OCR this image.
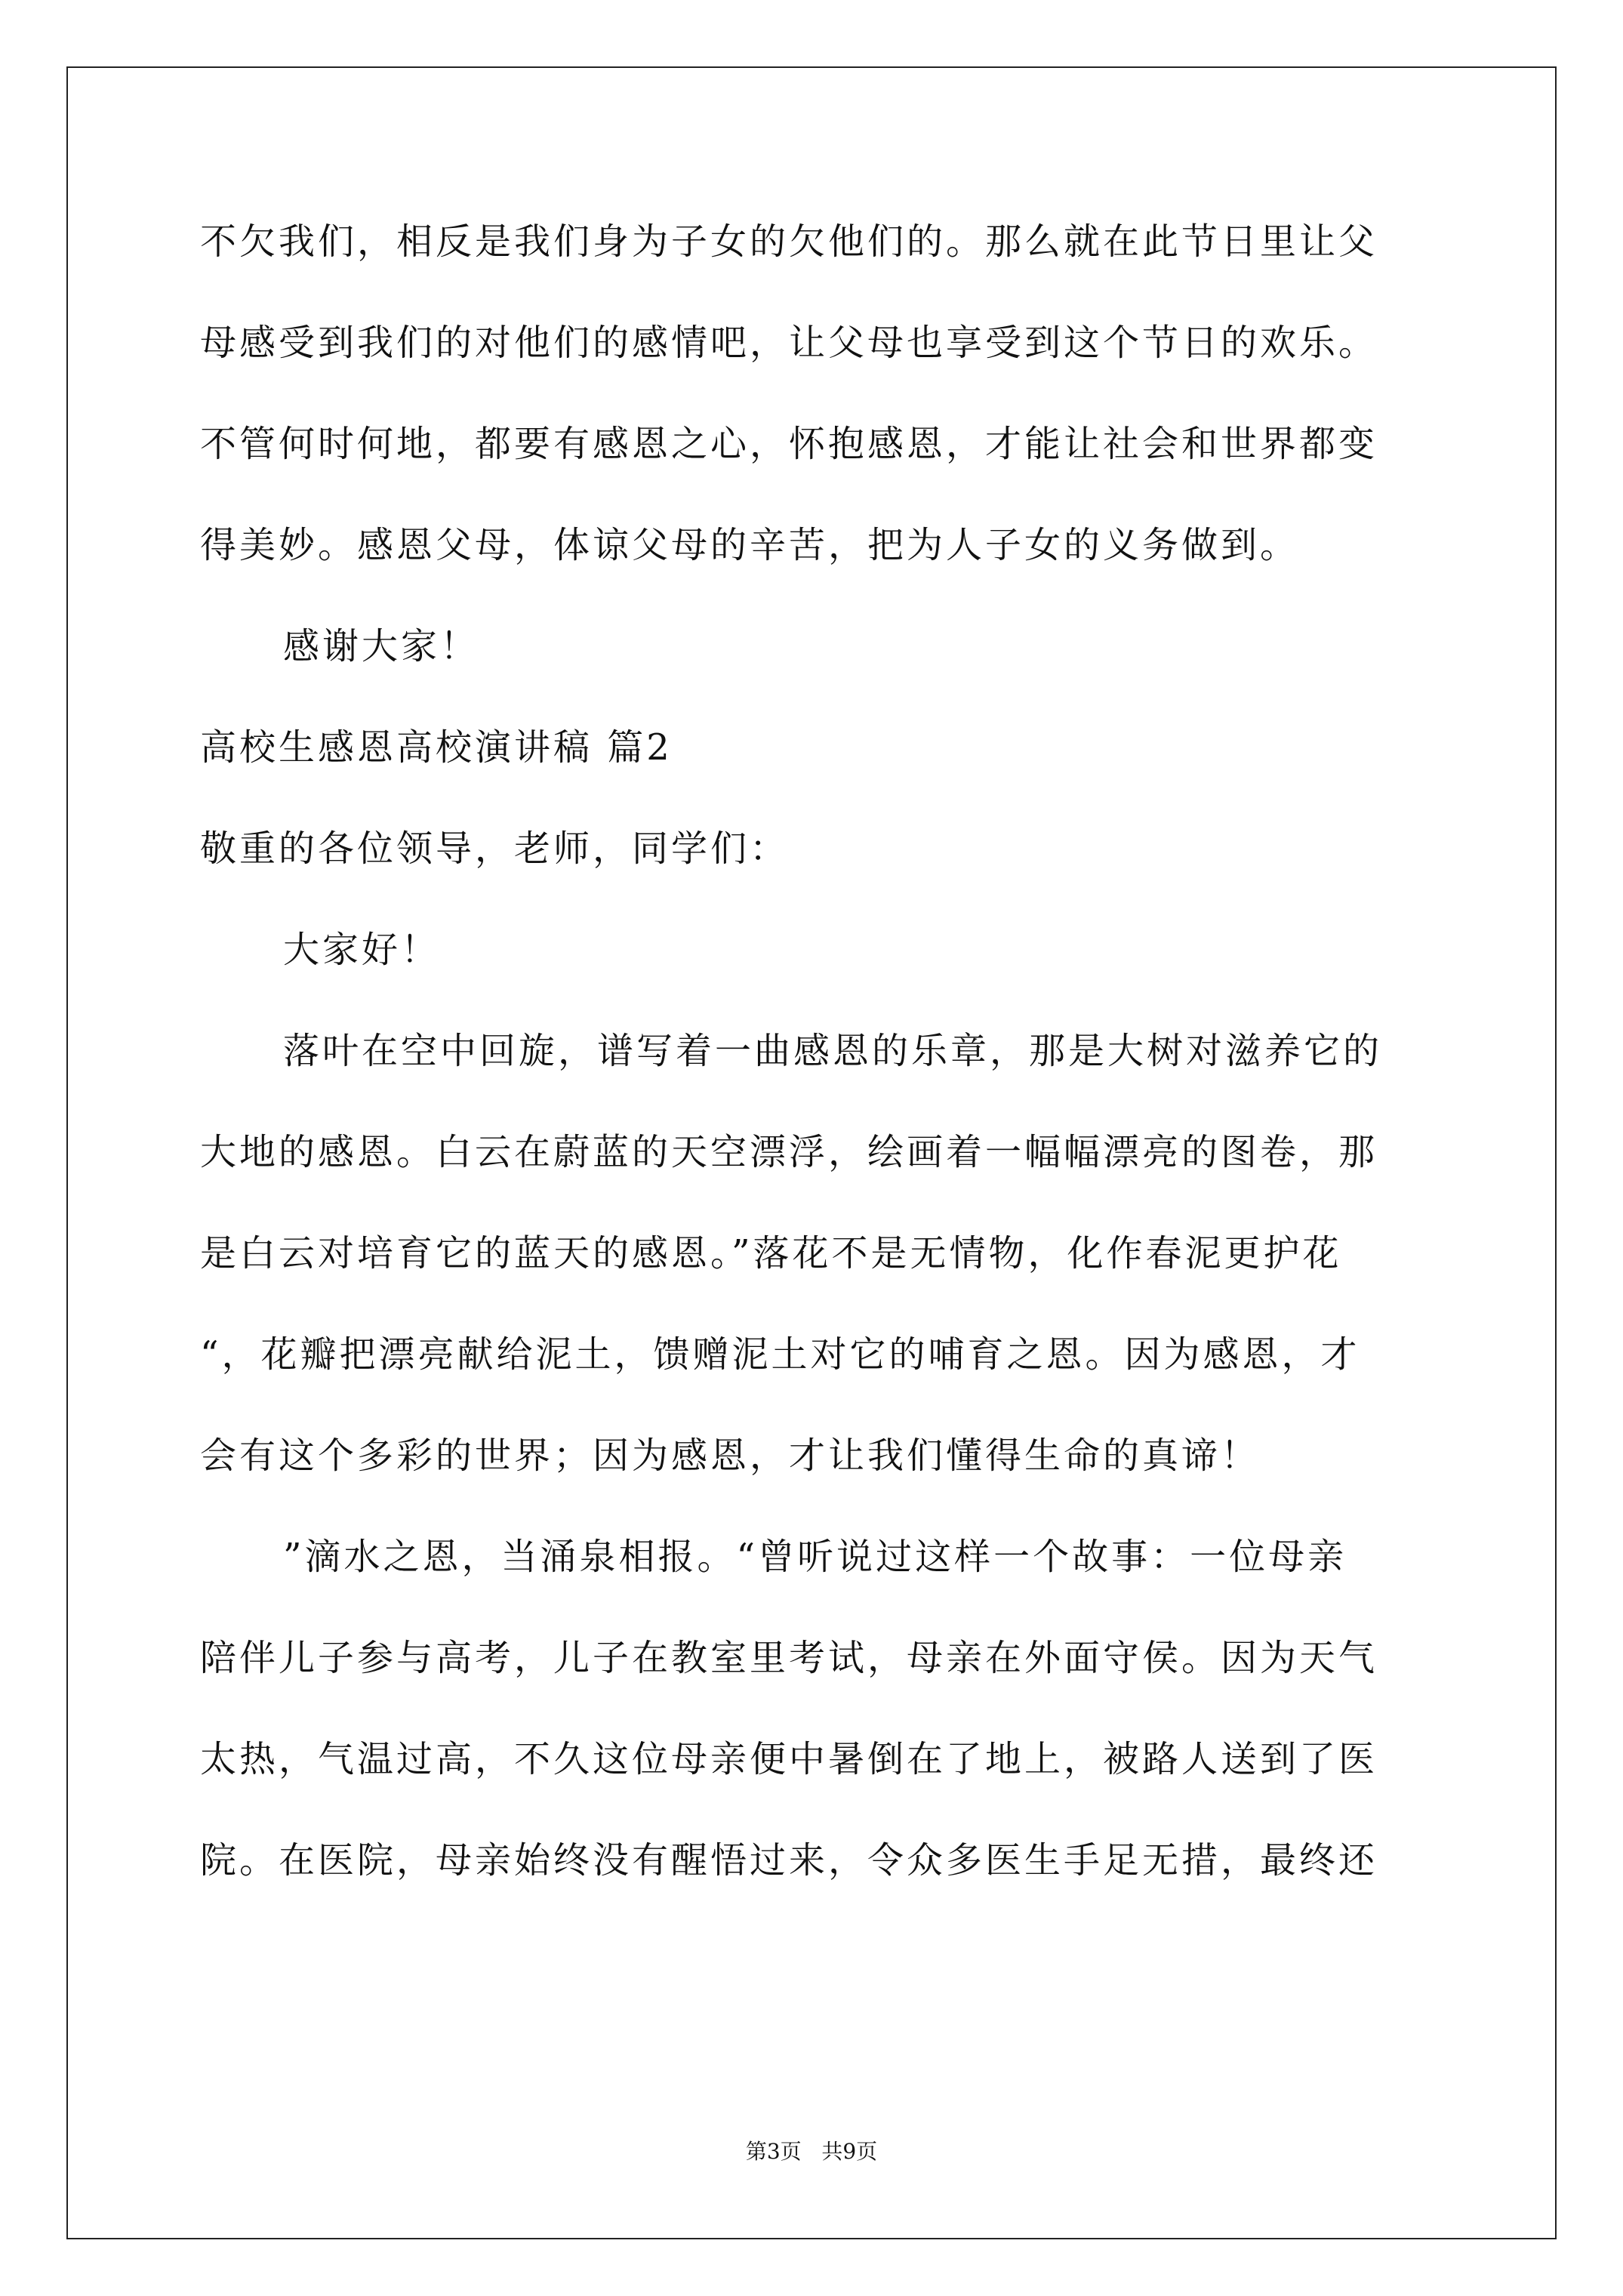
不欠我们，相反是我们身为子女的欠他们的。那么就在此节日里让父
母感受到我们的对他们的感情吧，让父母也享受到这个节日的欢乐。
不管何时何地，都要有感恩之心，怀抱感恩，才能让社会和世界都变
得美妙。感恩父母，体谅父母的辛苦，把为人子女的义务做到。
感谢大家！
高校生感恩高校演讲稿 篇2
敬重的各位领导，老师，同学们：
大家好！
落叶在空中回旋，谱写着一曲感恩的乐章，那是大树对滋养它的
大地的感恩。白云在蔚蓝的天空漂浮，绘画着一幅幅漂亮的图卷，那
是白云对培育它的蓝天的感恩。”落花不是无情物，化作春泥更护花
“，花瓣把漂亮献给泥土，馈赠泥土对它的哺育之恩。因为感恩，才
会有这个多彩的世界；因为感恩，才让我们懂得生命的真谛！
”滴水之恩，当涌泉相报。“曾听说过这样一个故事：一位母亲
陪伴儿子参与高考，儿子在教室里考试，母亲在外面守侯。因为天气
太热，气温过高，不久这位母亲便中暑倒在了地上，被路人送到了医
院。在医院，母亲始终没有醒悟过来，令众多医生手足无措，最终还
第3页   共9页
